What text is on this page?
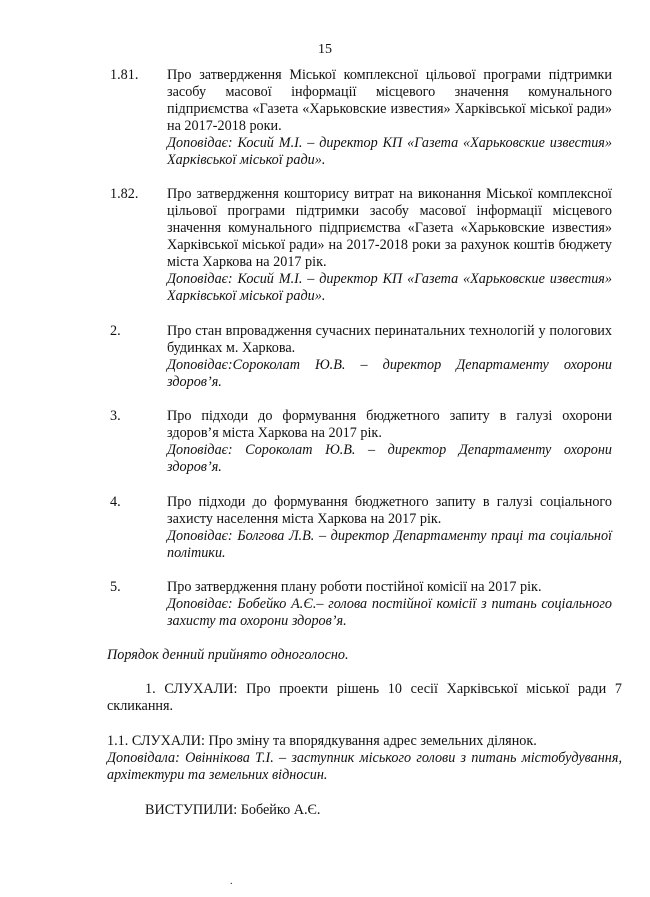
15
1.81. Про затвердження Міської комплексної цільової програми підтримки засобу масової інформації місцевого значення комунального підприємства «Газета «Харьковские известия» Харківської міської ради» на 2017-2018 роки.
Доповідає: Косий М.І. – директор КП «Газета «Харьковские известия» Харківської міської ради».
1.82. Про затвердження кошторису витрат на виконання Міської комплексної цільової програми підтримки засобу масової інформації місцевого значення комунального підприємства «Газета «Харьковские известия» Харківської міської ради» на 2017-2018 роки за рахунок коштів бюджету міста Харкова на 2017 рік.
Доповідає: Косий М.І. – директор КП «Газета «Харьковские известия» Харківської міської ради».
2.	Про стан впровадження сучасних перинатальних технологій у пологових будинках м. Харкова.
Доповідає:Сороколат Ю.В. – директор Департаменту охорони здоров’я.
3.	Про підходи до формування бюджетного запиту в галузі охорони здоров’я міста Харкова на 2017 рік.
Доповідає: Сороколат Ю.В. – директор Департаменту охорони здоров’я.
4.	Про підходи до формування бюджетного запиту в галузі соціального захисту населення міста Харкова на 2017 рік.
Доповідає: Болгова Л.В. – директор Департаменту праці та соціальної політики.
5.	Про затвердження плану роботи постійної комісії на 2017 рік.
Доповідає: Бобейко А.Є.– голова постійної комісії з питань соціального захисту та охорони здоров’я.
Порядок денний прийнято одноголосно.
1. СЛУХАЛИ: Про проекти рішень 10 сесії Харківської міської ради 7 скликання.
1.1. СЛУХАЛИ: Про зміну та впорядкування адрес земельних ділянок.
Доповідала: Овіннікова Т.І. – заступник міського голови з питань містобудування, архітектури та земельних відносин.
ВИСТУПИЛИ: Бобейко А.Є.
.
